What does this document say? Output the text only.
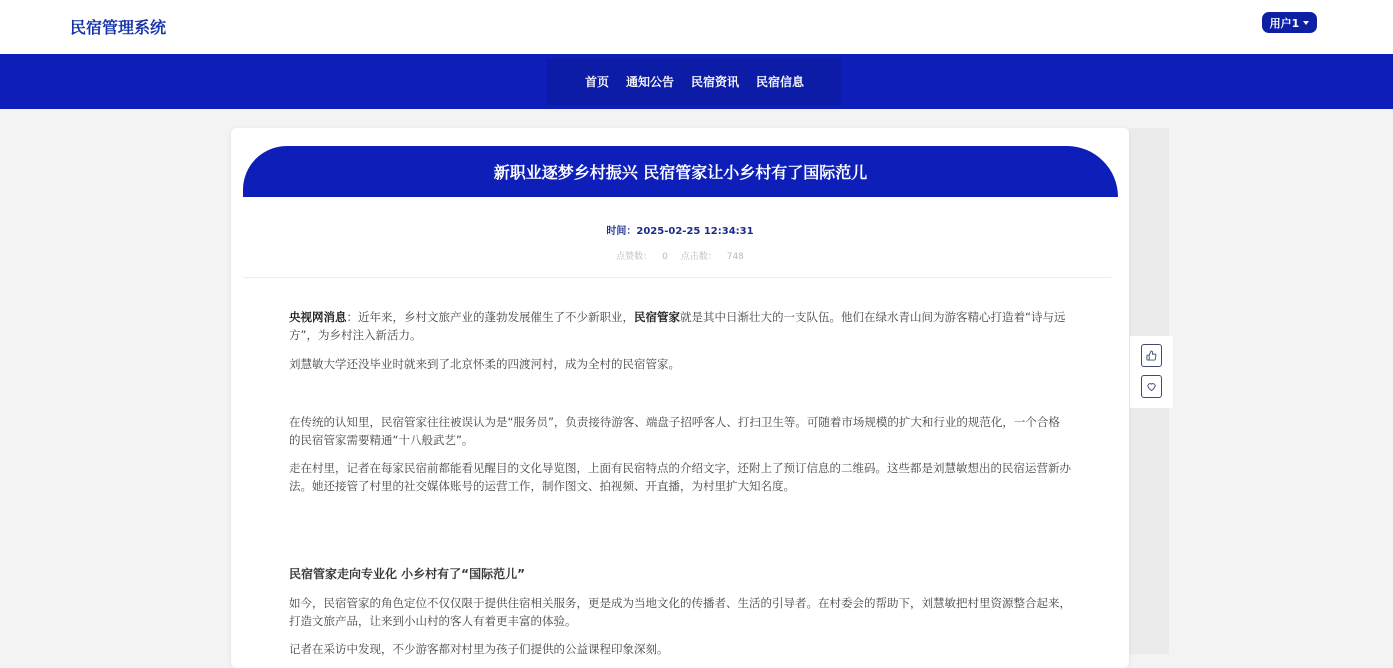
民宿管理系统	用户1
首页 通知公告 民宿资讯 民宿信息
新职业逐梦乡村振兴 民宿管家让小乡村有了国际范儿
时间：2025-02-25 12:34:31
点赞数： 0 点击数： 748

央视网消息：近年来，乡村文旅产业的蓬勃发展催生了不少新职业，民宿管家就是其中日渐壮大的一支队伍。他们在绿水青山间为游客精心打造着“诗与远方”，为乡村注入新活力。

刘慧敏大学还没毕业时就来到了北京怀柔的四渡河村，成为全村的民宿管家。

在传统的认知里，民宿管家往往被误认为是“服务员”，负责接待游客、端盘子招呼客人、打扫卫生等。可随着市场规模的扩大和行业的规范化，一个合格的民宿管家需要精通“十八般武艺”。

走在村里，记者在每家民宿前都能看见醒目的文化导览图，上面有民宿特点的介绍文字，还附上了预订信息的二维码。这些都是刘慧敏想出的民宿运营新办法。她还接管了村里的社交媒体账号的运营工作，制作图文、拍视频、开直播，为村里扩大知名度。

民宿管家走向专业化 小乡村有了“国际范儿”

如今，民宿管家的角色定位不仅仅限于提供住宿相关服务，更是成为当地文化的传播者、生活的引导者。在村委会的帮助下，刘慧敏把村里资源整合起来，打造文旅产品，让来到小山村的客人有着更丰富的体验。

记者在采访中发现，不少游客都对村里为孩子们提供的公益课程印象深刻。
